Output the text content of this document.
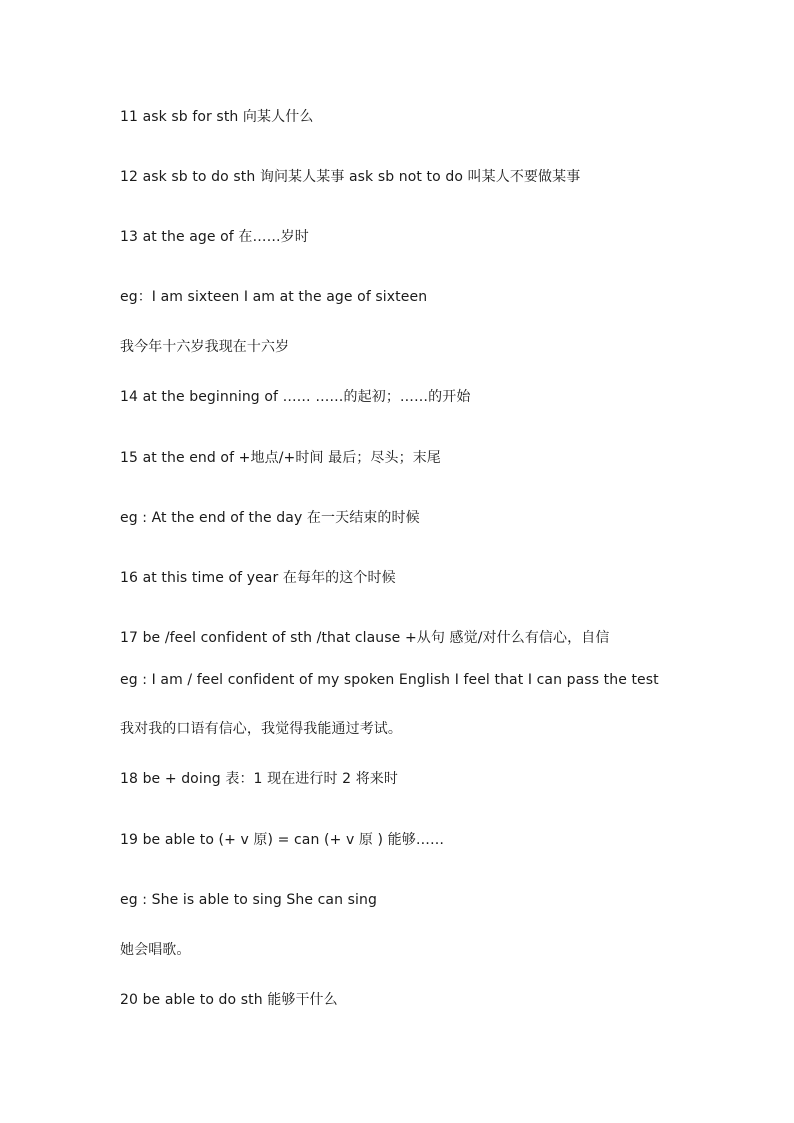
11 ask sb for sth 向某人什么
12 ask sb to do sth 询问某人某事 ask sb not to do 叫某人不要做某事
13 at the age of 在……岁时
eg：I am sixteen I am at the age of sixteen
我今年十六岁我现在十六岁
14 at the beginning of …… ……的起初；……的开始
15 at the end of +地点/+时间 最后；尽头；末尾
eg : At the end of the day 在一天结束的时候
16 at this time of year 在每年的这个时候
17 be /feel confident of sth /that clause +从句 感觉/对什么有信心，自信
eg : I am / feel confident of my spoken English I feel that I can pass the test
我对我的口语有信心，我觉得我能通过考试。
18 be + doing 表：1 现在进行时 2 将来时
19 be able to (+ v 原) = can (+ v 原 ) 能够……
eg : She is able to sing She can sing
她会唱歌。
20 be able to do sth 能够干什么
